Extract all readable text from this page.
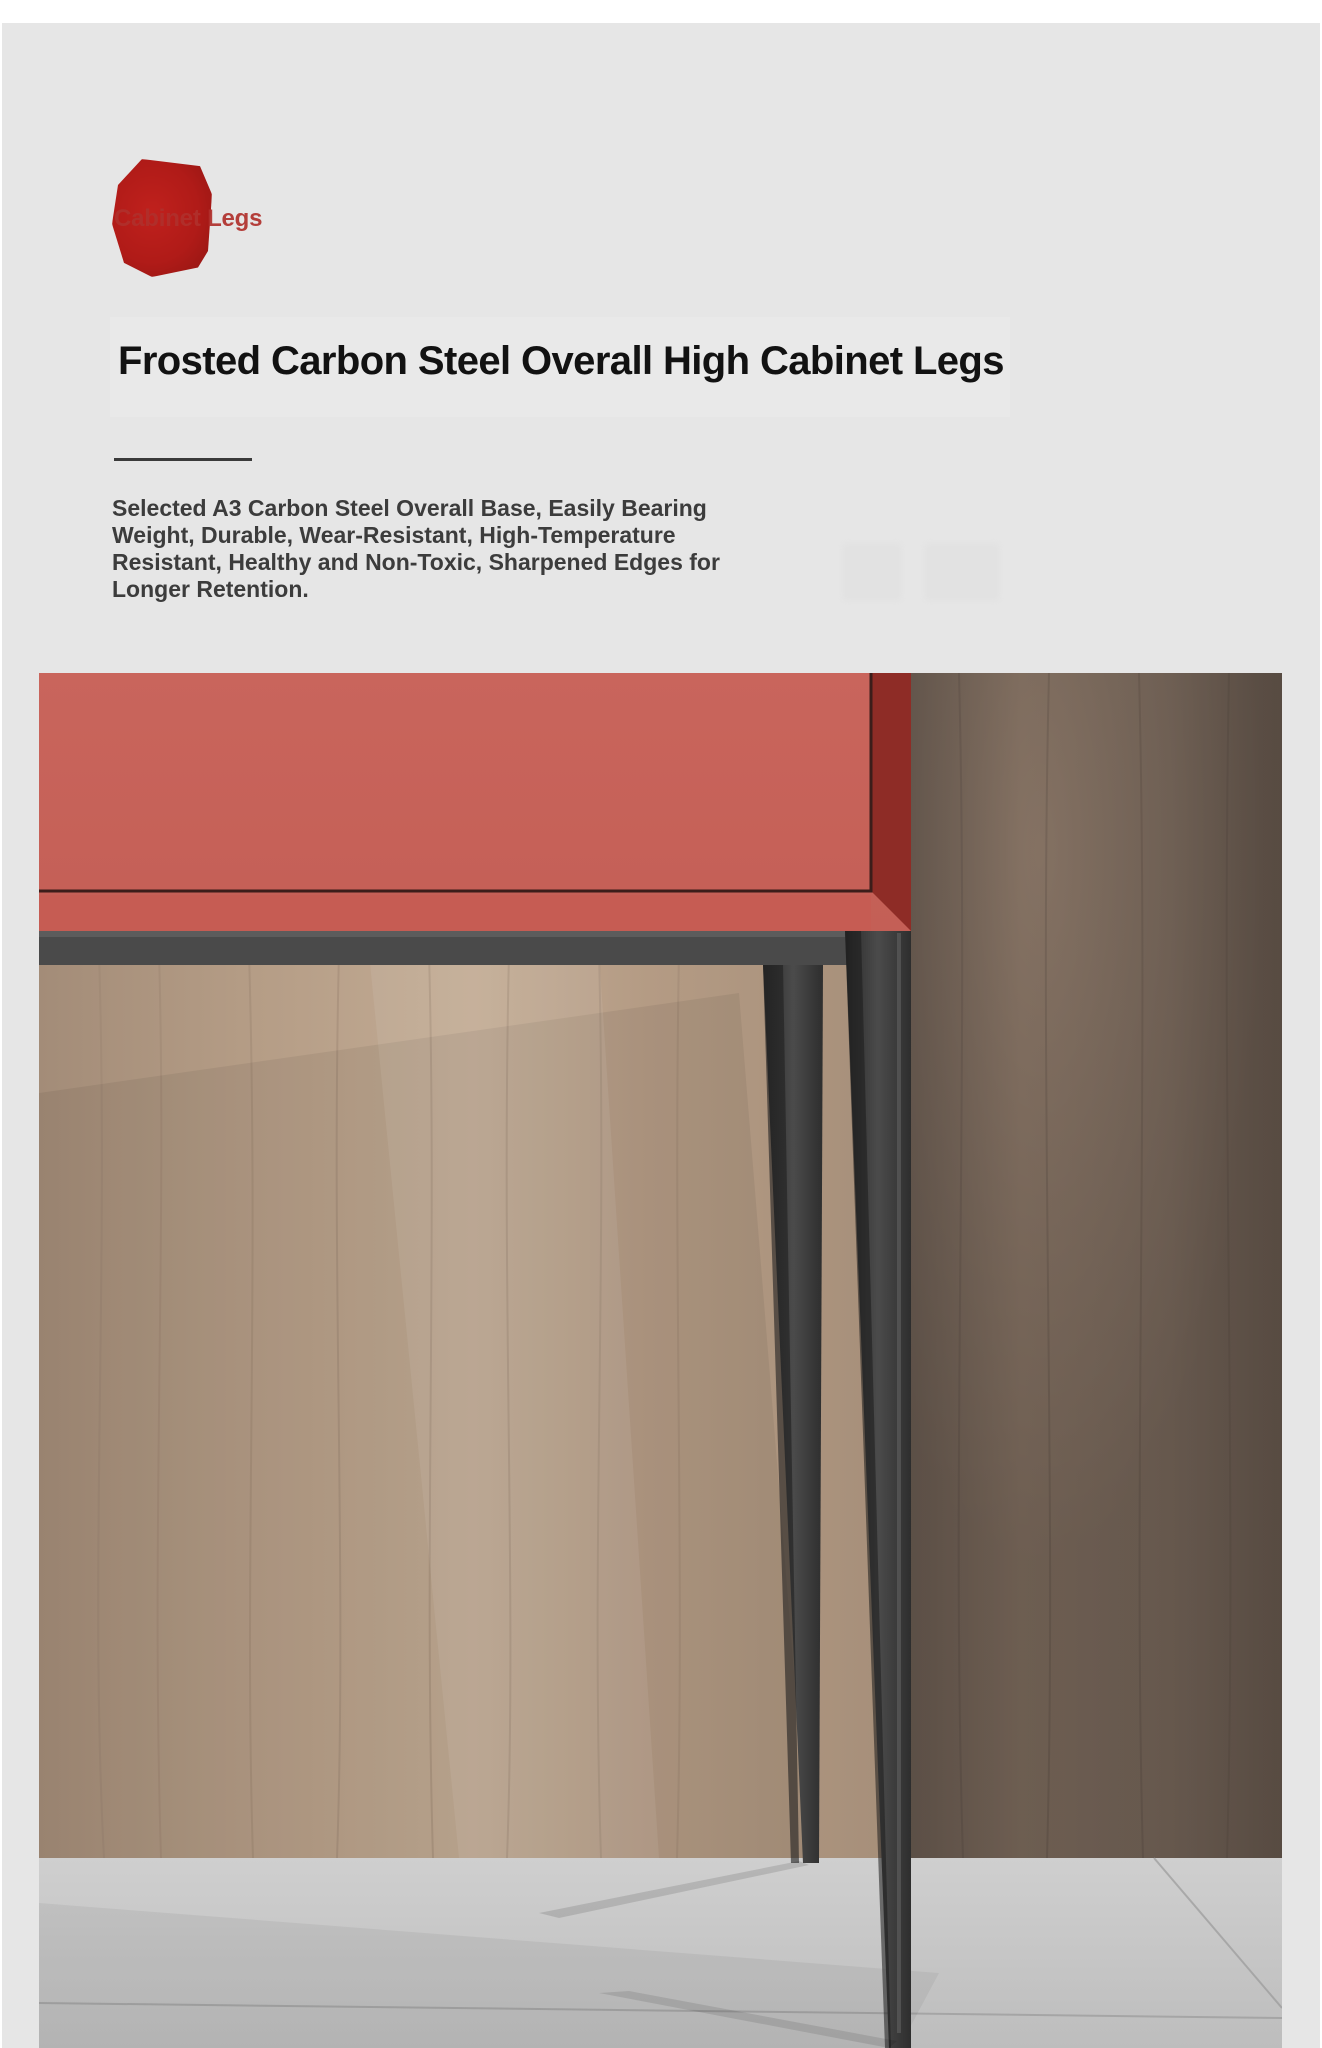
Cabinet Legs
Frosted Carbon Steel Overall High Cabinet Legs

Selected A3 Carbon Steel Overall Base, Easily Bearing Weight, Durable, Wear-Resistant, High-Temperature Resistant, Healthy and Non-Toxic, Sharpened Edges for Longer Retention.
